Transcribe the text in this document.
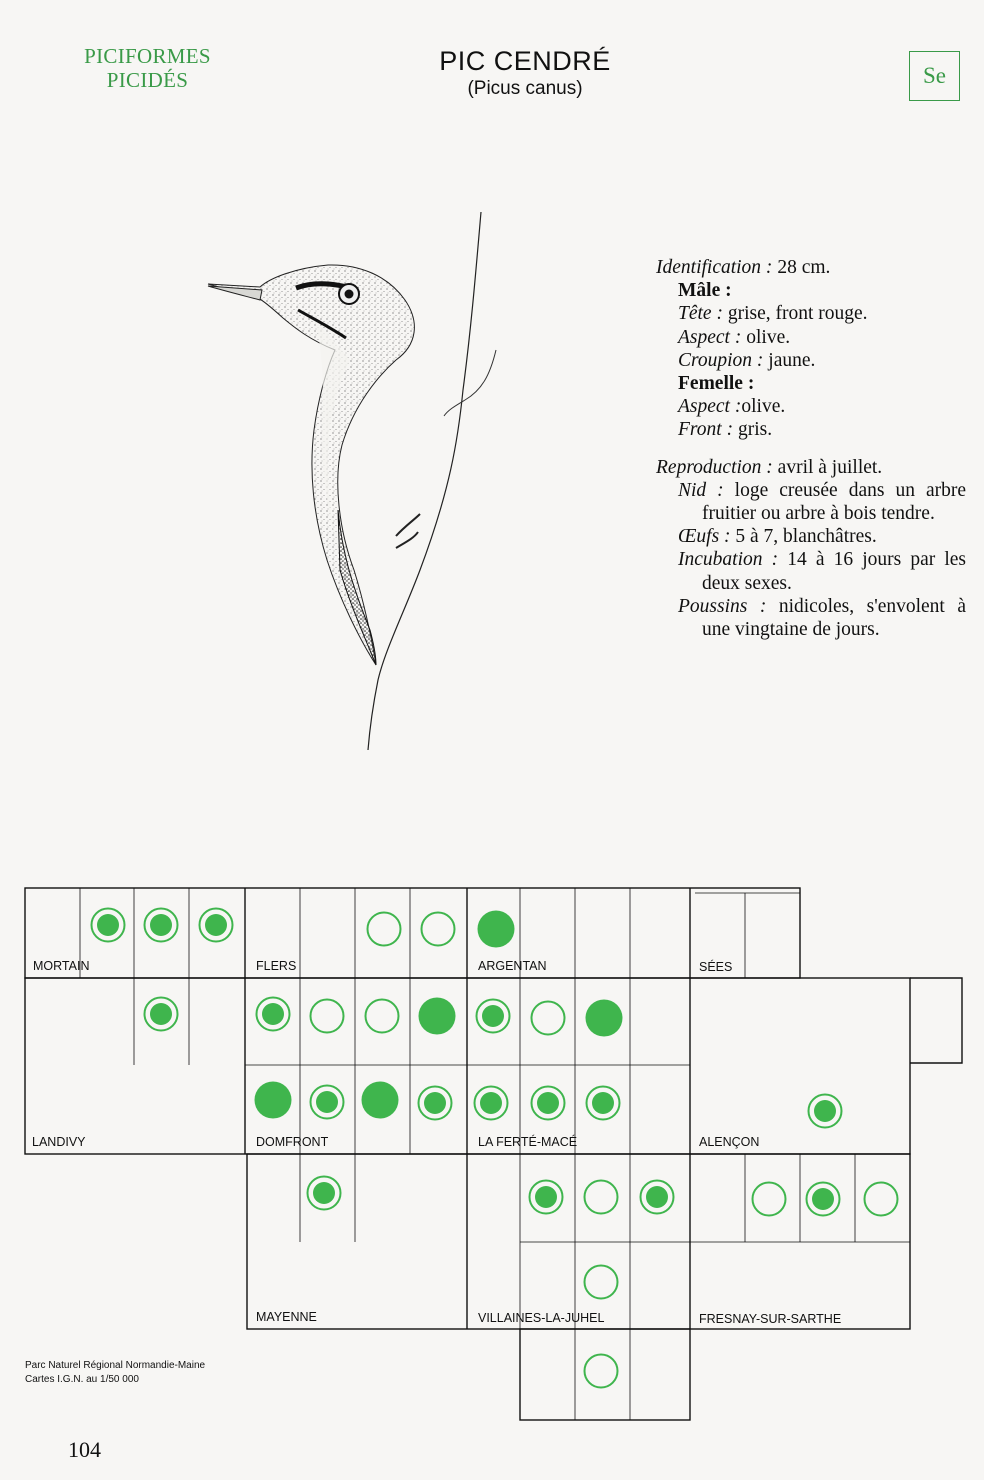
PICIFORMES
PICIDÉS
PIC CENDRÉ
(Picus canus)
Se

Identification : 28 cm.

Mâle :

Tête : grise, front rouge.

Aspect : olive.

Croupion : jaune.

Femelle :

Aspect :olive.

Front : gris.

Reproduction : avril à juillet.

Nid : loge creusée dans un arbre fruitier ou arbre à bois tendre.

Œufs : 5 à 7, blanchâtres.

Incubation : 14 à 16 jours par les deux sexes.

Poussins : nidicoles, s'envolent à une vingtaine de jours.

MORTAIN	FLERS	ARGENTAN	SÉES
LANDIVY	DOMFRONT	LA FERTÉ-MACÉ	ALENÇON
MAYENNE	VILLAINES-LA-JUHEL	FRESNAY-SUR-SARTHE
Parc Naturel Régional Normandie-Maine
Cartes I.G.N. au 1/50 000
104
